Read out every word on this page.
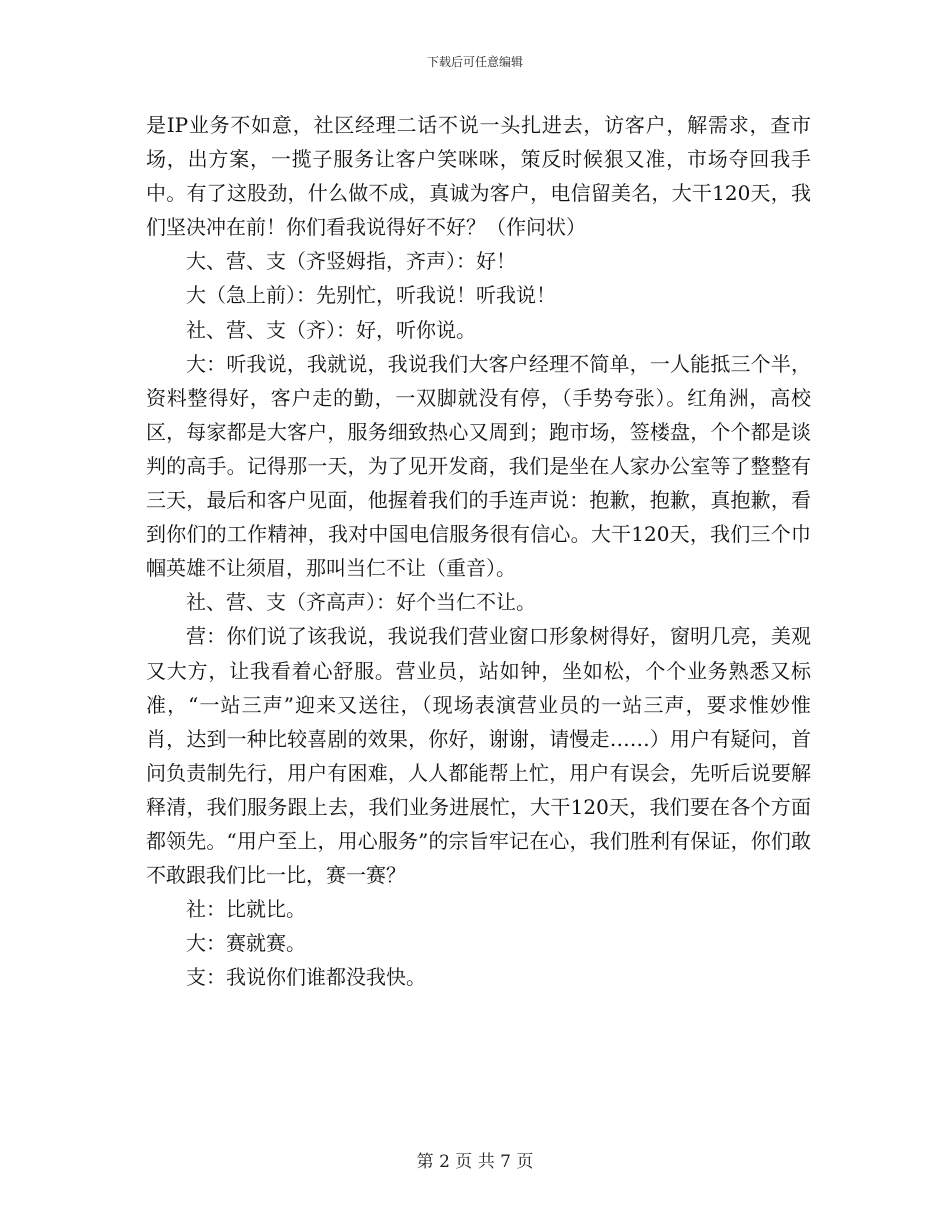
下载后可任意编辑

是IP业务不如意，社区经理二话不说一头扎进去，访客户，解需求，查市场，出方案，一揽子服务让客户笑咪咪，策反时候狠又准，市场夺回我手中。有了这股劲，什么做不成，真诚为客户，电信留美名，大干120天，我们坚决冲在前！你们看我说得好不好？（作问状）

大、营、支（齐竖姆指，齐声）：好！

大（急上前）：先别忙，听我说！听我说！

社、营、支（齐）：好，听你说。

大：听我说，我就说，我说我们大客户经理不简单，一人能抵三个半，资料整得好，客户走的勤，一双脚就没有停，（手势夸张）。红角洲，高校区，每家都是大客户，服务细致热心又周到；跑市场，签楼盘，个个都是谈判的高手。记得那一天，为了见开发商，我们是坐在人家办公室等了整整有三天，最后和客户见面，他握着我们的手连声说：抱歉，抱歉，真抱歉，看到你们的工作精神，我对中国电信服务很有信心。大干120天，我们三个巾帼英雄不让须眉，那叫当仁不让（重音）。

社、营、支（齐高声）：好个当仁不让。

营：你们说了该我说，我说我们营业窗口形象树得好，窗明几亮，美观又大方，让我看着心舒服。营业员，站如钟，坐如松，个个业务熟悉又标准，“一站三声”迎来又送往，（现场表演营业员的一站三声，要求惟妙惟肖，达到一种比较喜剧的效果，你好，谢谢，请慢走……）用户有疑问，首问负责制先行，用户有困难，人人都能帮上忙，用户有误会，先听后说要解释清，我们服务跟上去，我们业务进展忙，大干120天，我们要在各个方面都领先。“用户至上，用心服务”的宗旨牢记在心，我们胜利有保证，你们敢不敢跟我们比一比，赛一赛？

社：比就比。

大：赛就赛。

支：我说你们谁都没我快。

第 2 页 共 7 页
